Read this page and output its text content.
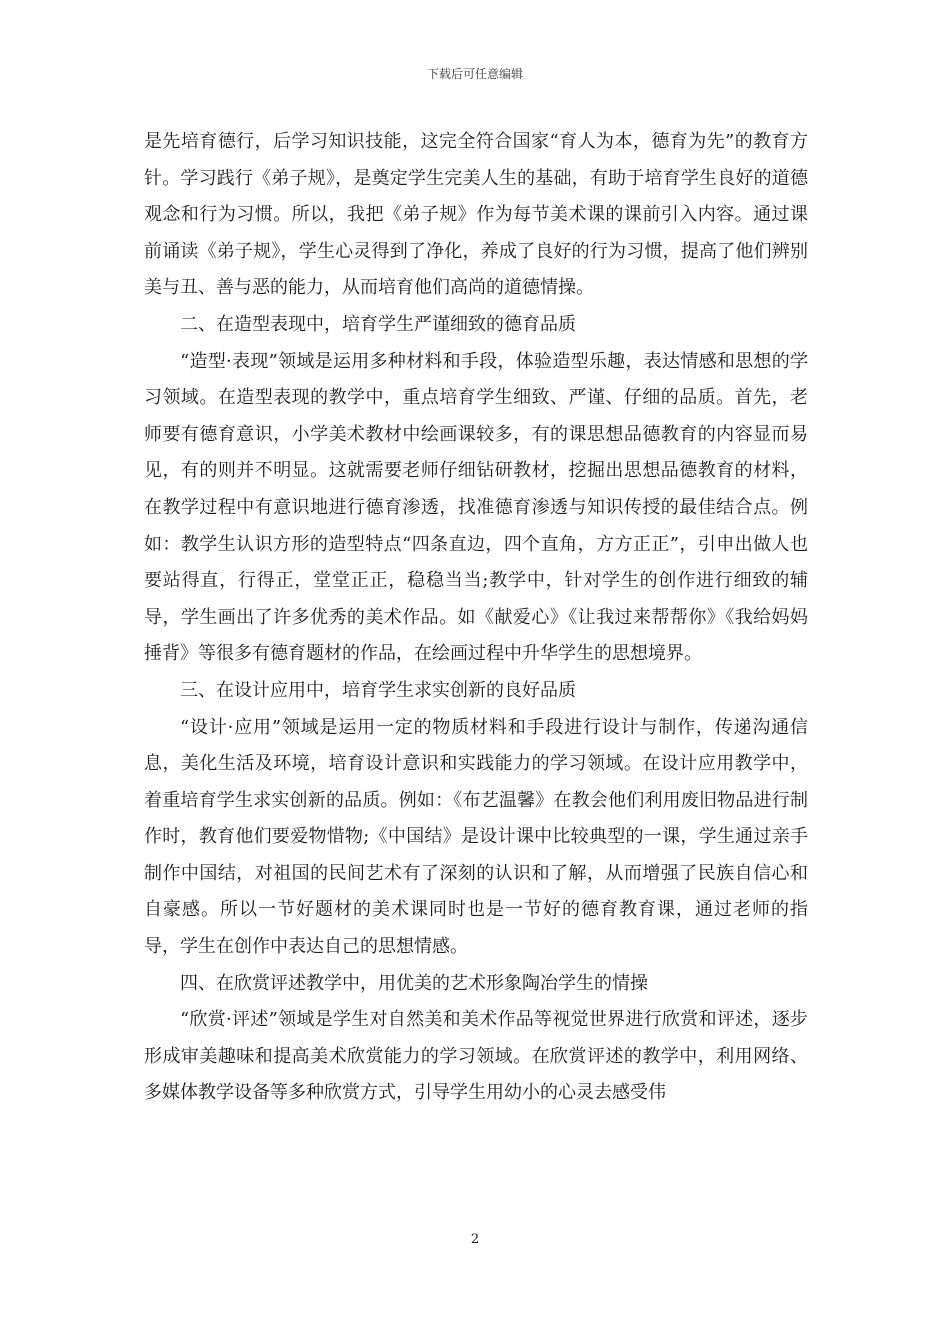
下载后可任意编辑

是先培育德行，后学习知识技能，这完全符合国家“育人为本，德育为先”的教育方针。学习践行《弟子规》，是奠定学生完美人生的基础，有助于培育学生良好的道德观念和行为习惯。所以，我把《弟子规》作为每节美术课的课前引入内容。通过课前诵读《弟子规》，学生心灵得到了净化，养成了良好的行为习惯，提高了他们辨别美与丑、善与恶的能力，从而培育他们高尚的道德情操。

二、在造型表现中，培育学生严谨细致的德育品质

“造型·表现”领域是运用多种材料和手段，体验造型乐趣，表达情感和思想的学习领域。在造型表现的教学中，重点培育学生细致、严谨、仔细的品质。首先，老师要有德育意识，小学美术教材中绘画课较多，有的课思想品德教育的内容显而易见，有的则并不明显。这就需要老师仔细钻研教材，挖掘出思想品德教育的材料，在教学过程中有意识地进行德育渗透，找准德育渗透与知识传授的最佳结合点。例如：教学生认识方形的造型特点“四条直边，四个直角，方方正正”，引申出做人也要站得直，行得正，堂堂正正，稳稳当当;教学中，针对学生的创作进行细致的辅导，学生画出了许多优秀的美术作品。如《献爱心》《让我过来帮帮你》《我给妈妈捶背》等很多有德育题材的作品，在绘画过程中升华学生的思想境界。

三、在设计应用中，培育学生求实创新的良好品质

“设计·应用”领域是运用一定的物质材料和手段进行设计与制作，传递沟通信息，美化生活及环境，培育设计意识和实践能力的学习领域。在设计应用教学中，着重培育学生求实创新的品质。例如：《布艺温馨》在教会他们利用废旧物品进行制作时，教育他们要爱物惜物;《中国结》是设计课中比较典型的一课，学生通过亲手制作中国结，对祖国的民间艺术有了深刻的认识和了解，从而增强了民族自信心和自豪感。所以一节好题材的美术课同时也是一节好的德育教育课，通过老师的指导，学生在创作中表达自己的思想情感。

四、在欣赏评述教学中，用优美的艺术形象陶冶学生的情操

“欣赏·评述”领域是学生对自然美和美术作品等视觉世界进行欣赏和评述，逐步形成审美趣味和提高美术欣赏能力的学习领域。在欣赏评述的教学中，利用网络、多媒体教学设备等多种欣赏方式，引导学生用幼小的心灵去感受伟

2
